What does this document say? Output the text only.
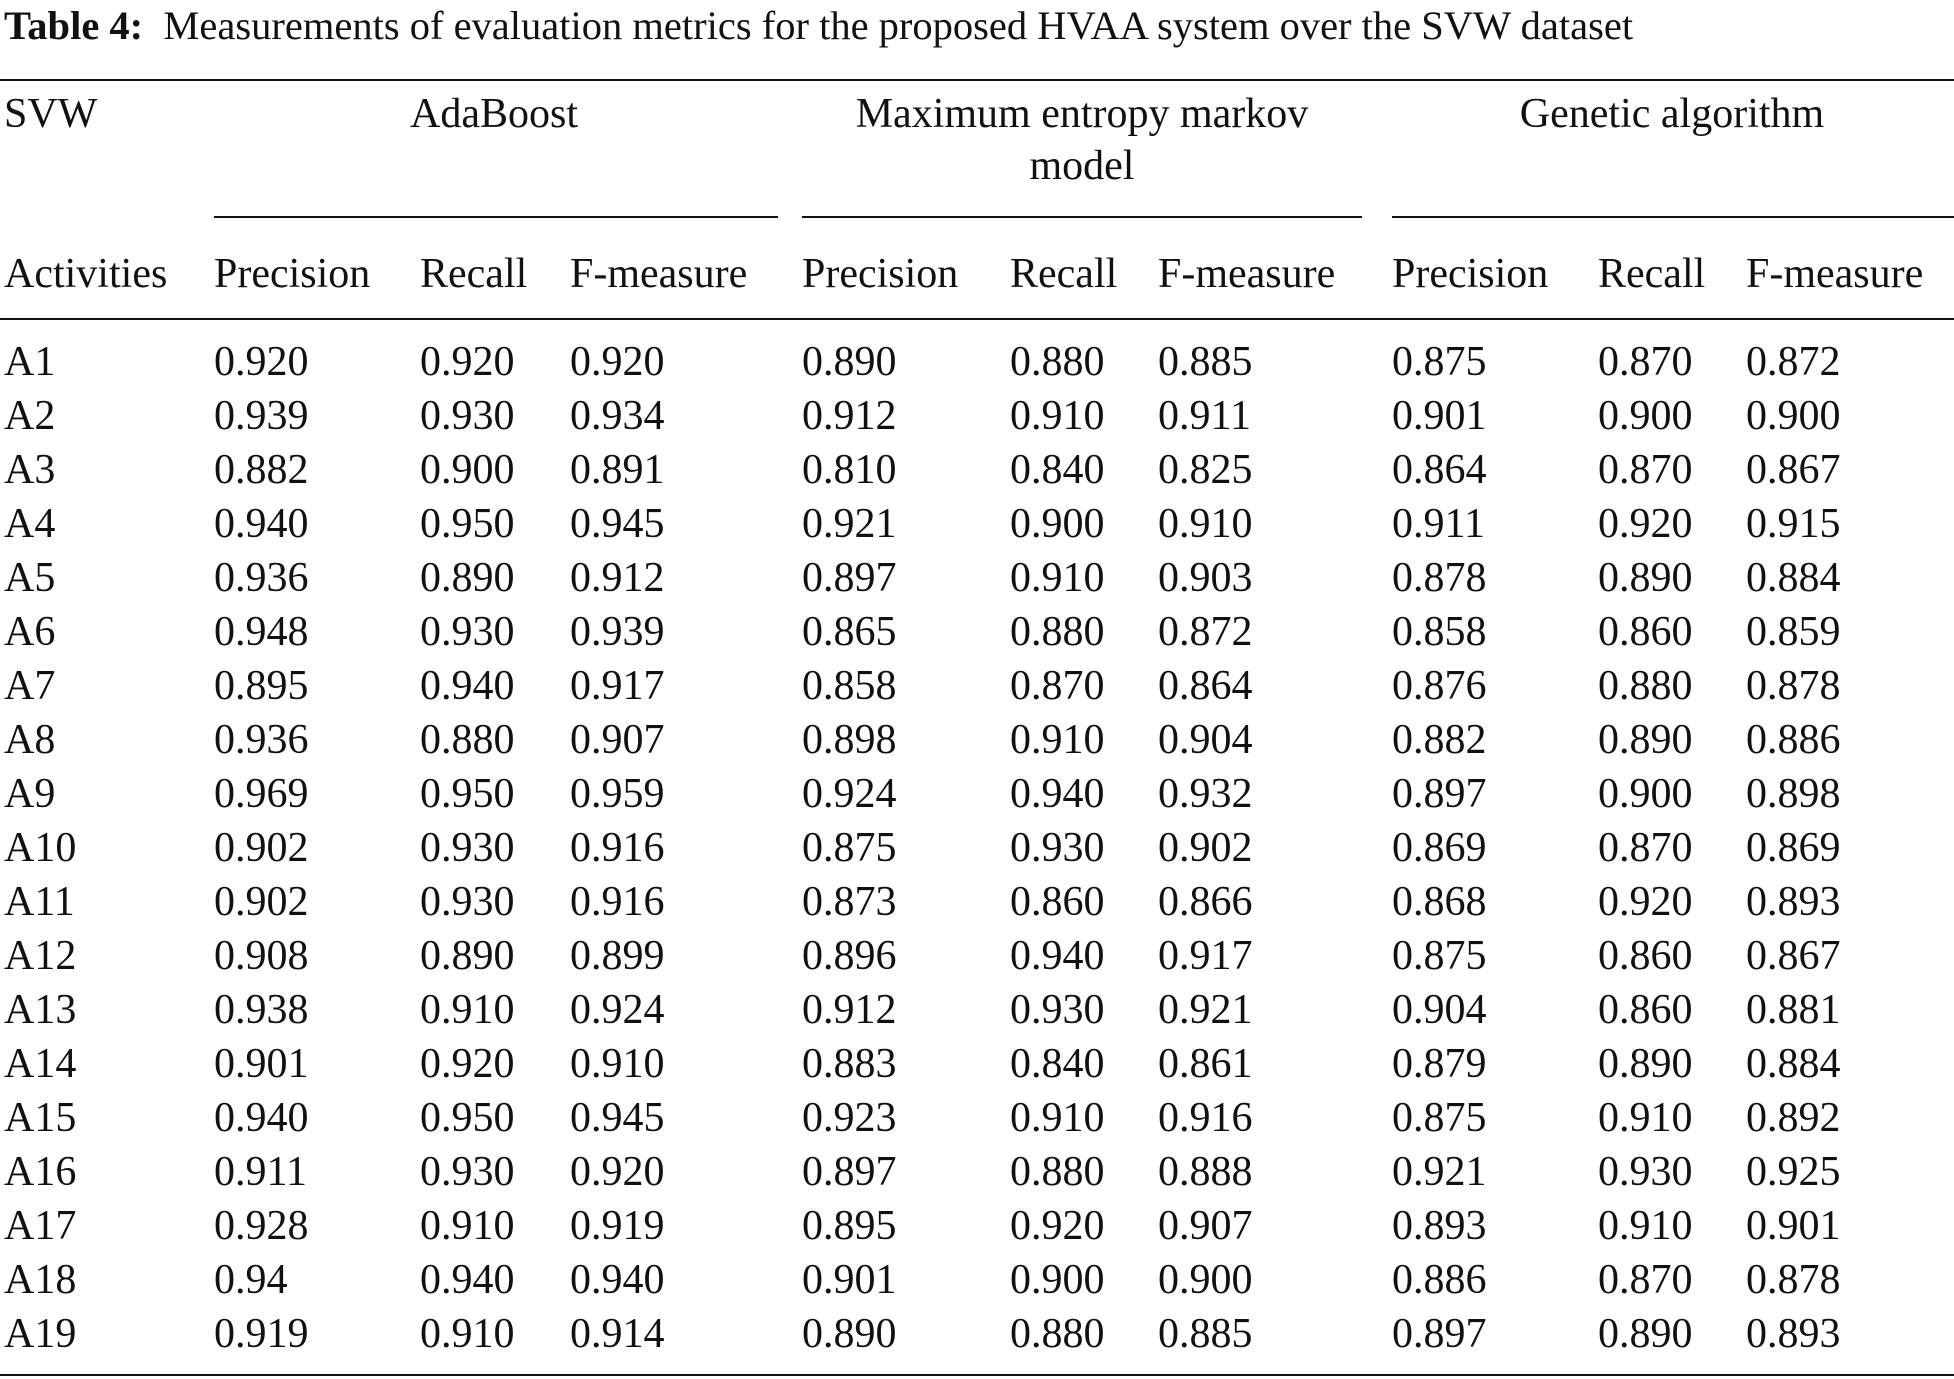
Table 4: Measurements of evaluation metrics for the proposed HVAA system over the SVW dataset
SVW	AdaBoost	Maximum entropy markov model
Genetic algorithm
Activities Precision Recall F-measure Precision Recall F-measure Precision Recall F-measure
A1	0.920	0.920 0.920	0.890	0.880 0.885	0.875	0.870 0.872
A2	0.939	0.930 0.934	0.912	0.910 0.911	0.901	0.900 0.900
A3	0.882	0.900 0.891	0.810	0.840 0.825	0.864	0.870 0.867
A4	0.940	0.950 0.945	0.921	0.900 0.910	0.911	0.920 0.915
A5	0.936	0.890 0.912	0.897	0.910 0.903	0.878	0.890 0.884
A6	0.948	0.930 0.939	0.865	0.880 0.872	0.858	0.860 0.859
A7	0.895	0.940 0.917	0.858	0.870 0.864	0.876	0.880 0.878
A8	0.936	0.880 0.907	0.898	0.910 0.904	0.882	0.890 0.886
A9	0.969	0.950 0.959	0.924	0.940 0.932	0.897	0.900 0.898
A10	0.902	0.930 0.916	0.875	0.930 0.902	0.869	0.870 0.869
A11	0.902	0.930 0.916	0.873	0.860 0.866	0.868	0.920 0.893
A12	0.908	0.890 0.899	0.896	0.940 0.917	0.875	0.860 0.867
A13	0.938	0.910 0.924	0.912	0.930 0.921	0.904	0.860 0.881
A14	0.901	0.920 0.910	0.883	0.840 0.861	0.879	0.890 0.884
A15	0.940	0.950 0.945	0.923	0.910 0.916	0.875	0.910 0.892
A16	0.911	0.930 0.920	0.897	0.880 0.888	0.921	0.930 0.925
A17	0.928	0.910 0.919	0.895	0.920 0.907	0.893	0.910 0.901
A18	0.94	0.940 0.940	0.901	0.900 0.900	0.886	0.870 0.878
A19	0.919	0.910 0.914	0.890	0.880 0.885	0.897	0.890 0.893
